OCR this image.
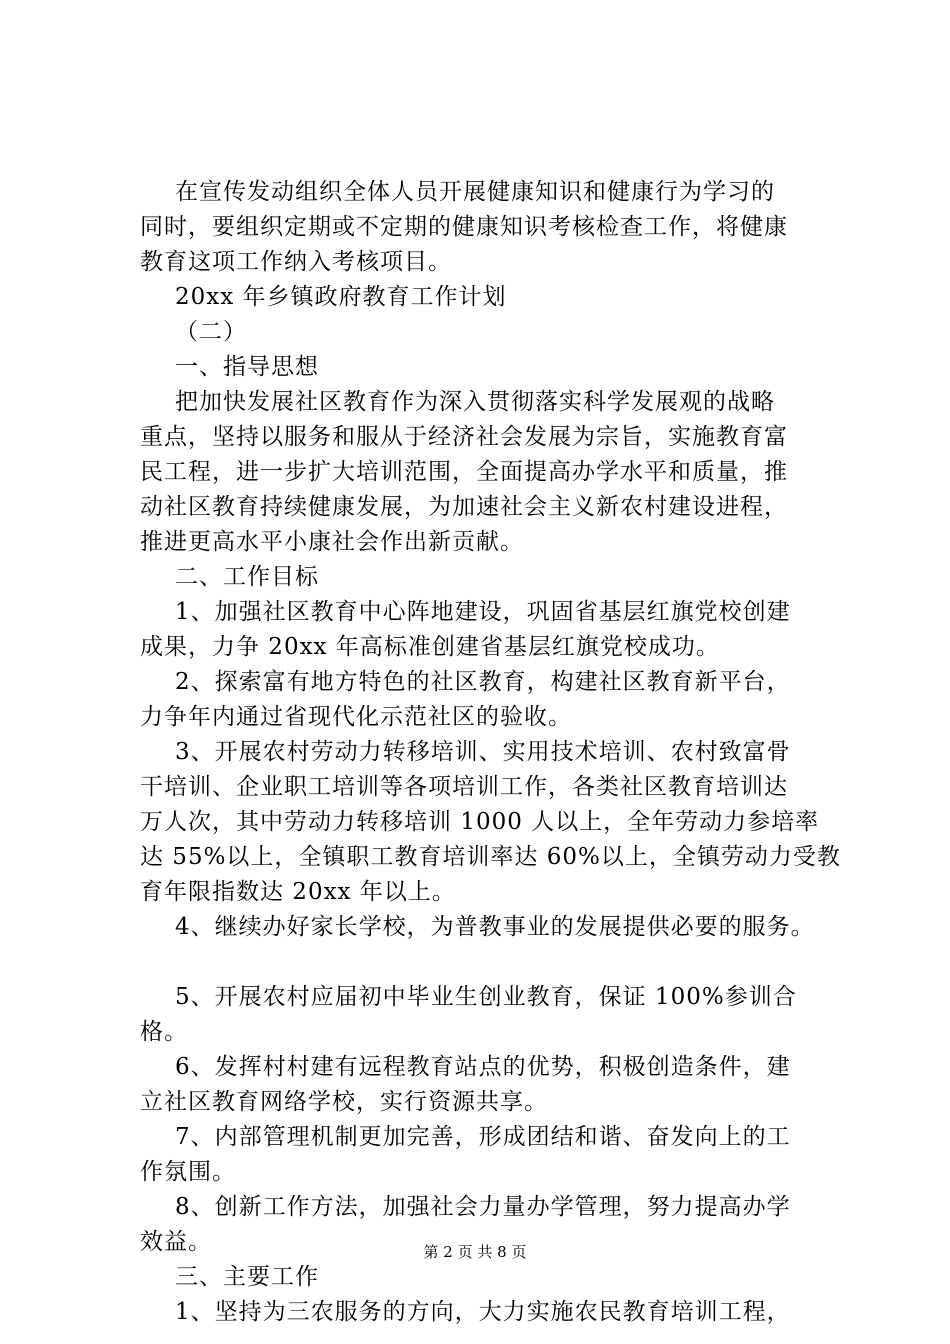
在宣传发动组织全体人员开展健康知识和健康行为学习的
同时，要组织定期或不定期的健康知识考核检查工作，将健康
教育这项工作纳入考核项目。
20xx 年乡镇政府教育工作计划
（二）
一、指导思想
把加快发展社区教育作为深入贯彻落实科学发展观的战略
重点，坚持以服务和服从于经济社会发展为宗旨，实施教育富
民工程，进一步扩大培训范围，全面提高办学水平和质量，推
动社区教育持续健康发展，为加速社会主义新农村建设进程，
推进更高水平小康社会作出新贡献。
二、工作目标
1、加强社区教育中心阵地建设，巩固省基层红旗党校创建
成果，力争 20xx 年高标准创建省基层红旗党校成功。
2、探索富有地方特色的社区教育，构建社区教育新平台，
力争年内通过省现代化示范社区的验收。
3、开展农村劳动力转移培训、实用技术培训、农村致富骨
干培训、企业职工培训等各项培训工作，各类社区教育培训达
万人次，其中劳动力转移培训 1000 人以上，全年劳动力参培率
达 55%以上，全镇职工教育培训率达 60%以上，全镇劳动力受教
育年限指数达 20xx 年以上。
4、继续办好家长学校，为普教事业的发展提供必要的服务。
5、开展农村应届初中毕业生创业教育，保证 100%参训合
格。
6、发挥村村建有远程教育站点的优势，积极创造条件，建
立社区教育网络学校，实行资源共享。
7、内部管理机制更加完善，形成团结和谐、奋发向上的工
作氛围。
8、创新工作方法，加强社会力量办学管理，努力提高办学
效益。
三、主要工作
1、坚持为三农服务的方向，大力实施农民教育培训工程，
第 2 页 共 8 页
